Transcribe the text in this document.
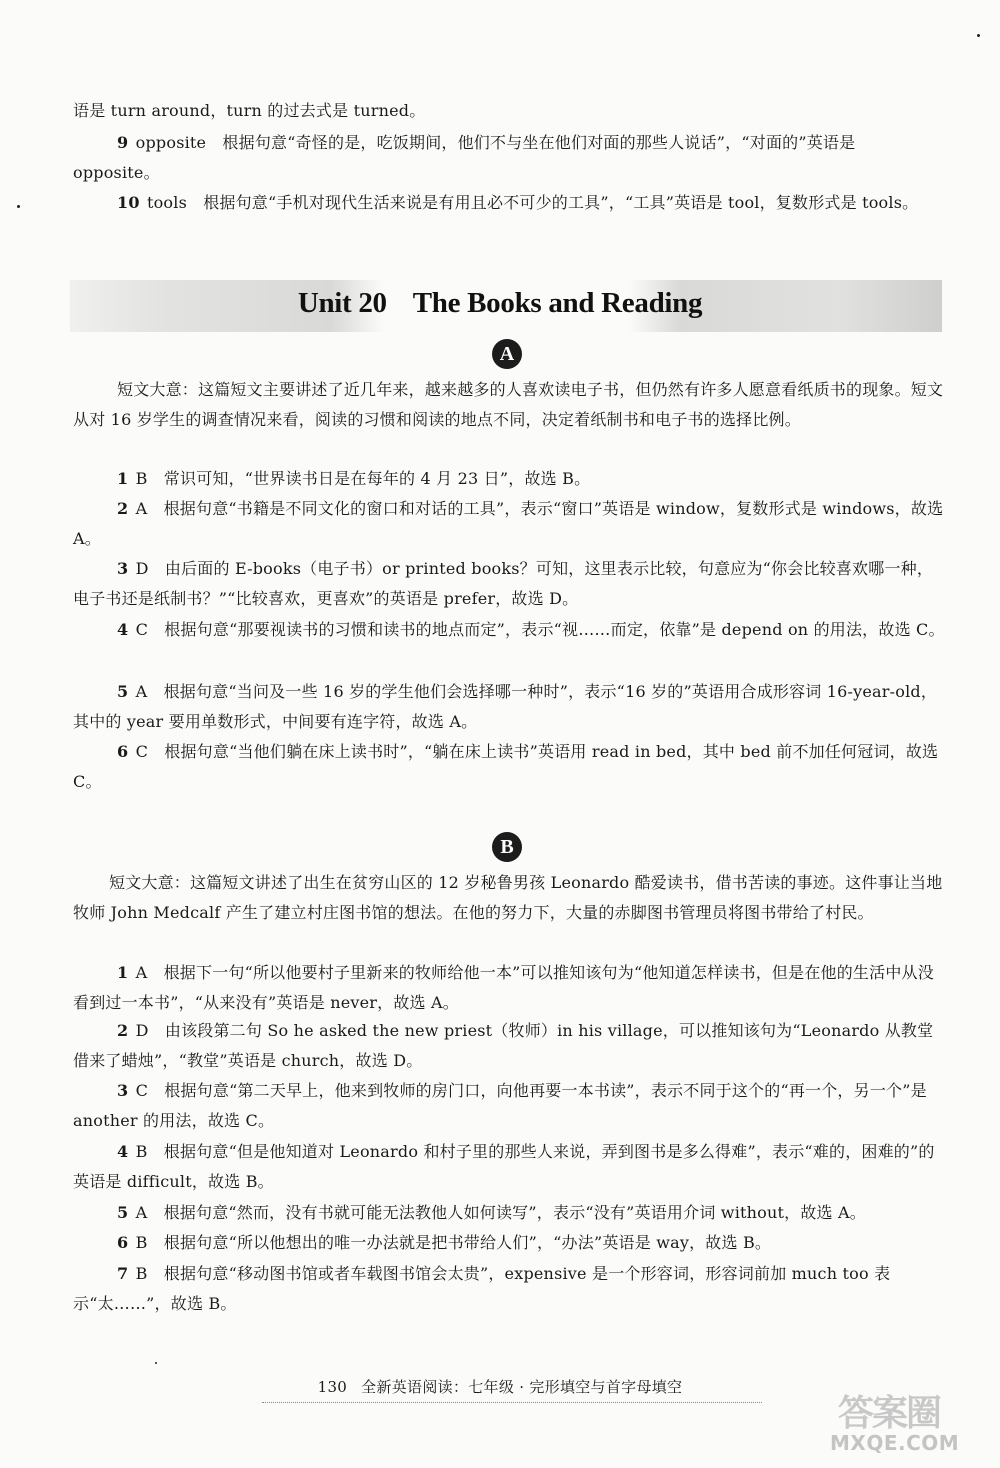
语是 turn around，turn 的过去式是 turned。
9 opposite　根据句意“奇怪的是，吃饭期间，他们不与坐在他们对面的那些人说话”，“对面的”英语是 opposite。
10 tools　根据句意“手机对现代生活来说是有用且必不可少的工具”，“工具”英语是 tool，复数形式是 tools。
Unit 20 The Books and Reading
A
短文大意：这篇短文主要讲述了近几年来，越来越多的人喜欢读电子书，但仍然有许多人愿意看纸质书的现象。短文从对 16 岁学生的调查情况来看，阅读的习惯和阅读的地点不同，决定着纸制书和电子书的选择比例。
1 B　常识可知，“世界读书日是在每年的 4 月 23 日”，故选 B。
2 A　根据句意“书籍是不同文化的窗口和对话的工具”，表示“窗口”英语是 window，复数形式是 windows，故选 A。
3 D　由后面的 E-books（电子书）or printed books？可知，这里表示比较，句意应为“你会比较喜欢哪一种，电子书还是纸制书？”“比较喜欢，更喜欢”的英语是 prefer，故选 D。
4 C　根据句意“那要视读书的习惯和读书的地点而定”，表示“视……而定，依靠”是 depend on 的用法，故选 C。
5 A　根据句意“当问及一些 16 岁的学生他们会选择哪一种时”，表示“16 岁的”英语用合成形容词 16-year-old，其中的 year 要用单数形式，中间要有连字符，故选 A。
6 C　根据句意“当他们躺在床上读书时”，“躺在床上读书”英语用 read in bed，其中 bed 前不加任何冠词，故选 C。
B
短文大意：这篇短文讲述了出生在贫穷山区的 12 岁秘鲁男孩 Leonardo 酷爱读书，借书苦读的事迹。这件事让当地牧师 John Medcalf 产生了建立村庄图书馆的想法。在他的努力下，大量的赤脚图书管理员将图书带给了村民。
1 A　根据下一句“所以他要村子里新来的牧师给他一本”可以推知该句为“他知道怎样读书，但是在他的生活中从没看到过一本书”，“从来没有”英语是 never，故选 A。
2 D　由该段第二句 So he asked the new priest（牧师）in his village，可以推知该句为“Leonardo 从教堂借来了蜡烛”，“教堂”英语是 church，故选 D。
3 C　根据句意“第二天早上，他来到牧师的房门口，向他再要一本书读”，表示不同于这个的“再一个，另一个”是 another 的用法，故选 C。
4 B　根据句意“但是他知道对 Leonardo 和村子里的那些人来说，弄到图书是多么得难”，表示“难的，困难的”的英语是 difficult，故选 B。
5 A　根据句意“然而，没有书就可能无法教他人如何读写”，表示“没有”英语用介词 without，故选 A。
6 B　根据句意“所以他想出的唯一办法就是把书带给人们”，“办法”英语是 way，故选 B。
7 B　根据句意“移动图书馆或者车载图书馆会太贵”，expensive 是一个形容词，形容词前加 much too 表示“太……”，故选 B。
130 全新英语阅读：七年级 · 完形填空与首字母填空
答案圈
MXQE.COM
